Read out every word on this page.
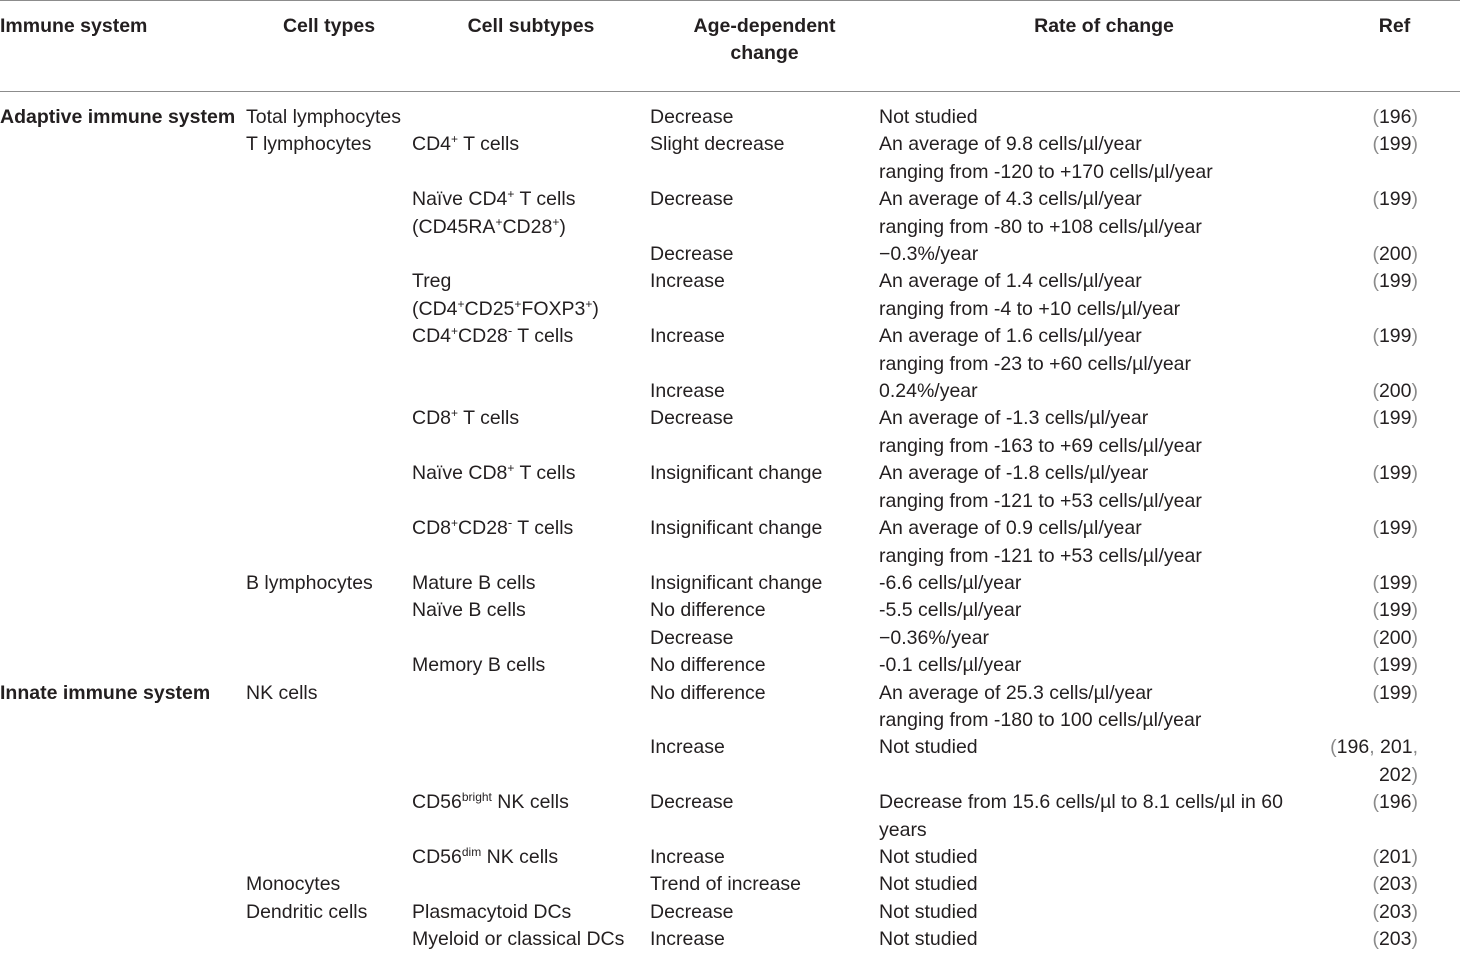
Immune system	Cell types	Cell subtypes	Age-dependent
change	Rate of change	Ref
Adaptive immune system	Total lymphocytes		Decrease	Not studied	(196)
	T lymphocytes	CD4+ T cells	Slight decrease	An average of 9.8 cells/µl/year
ranging from -120 to +170 cells/µl/year	(199)
		Naïve CD4+ T cells
(CD45RA+CD28+)	Decrease	An average of 4.3 cells/µl/year
ranging from -80 to +108 cells/µl/year	(199)
			Decrease	−0.3%/year	(200)
		Treg
(CD4+CD25+FOXP3+)	Increase	An average of 1.4 cells/µl/year
ranging from -4 to +10 cells/µl/year	(199)
		CD4+CD28- T cells	Increase	An average of 1.6 cells/µl/year
ranging from -23 to +60 cells/µl/year	(199)
			Increase	0.24%/year	(200)
		CD8+ T cells	Decrease	An average of -1.3 cells/µl/year
ranging from -163 to +69 cells/µl/year	(199)
		Naïve CD8+ T cells	Insignificant change	An average of -1.8 cells/µl/year
ranging from -121 to +53 cells/µl/year	(199)
		CD8+CD28- T cells	Insignificant change	An average of 0.9 cells/µl/year
ranging from -121 to +53 cells/µl/year	(199)
	B lymphocytes	Mature B cells	Insignificant change	-6.6 cells/µl/year	(199)
		Naïve B cells	No difference	-5.5 cells/µl/year	(199)
			Decrease	−0.36%/year	(200)
		Memory B cells	No difference	-0.1 cells/µl/year	(199)
Innate immune system	NK cells		No difference	An average of 25.3 cells/µl/year
ranging from -180 to 100 cells/µl/year	(199)
			Increase	Not studied	(196, 201,
202)
		$CD56^{bright}$ NK cells	Decrease	Decrease from 15.6 cells/µl to 8.1 cells/µl in 60
years	(196)
		$CD56^{dim}$ NK cells	Increase	Not studied	(201)
	Monocytes		Trend of increase	Not studied	(203)
	Dendritic cells	Plasmacytoid DCs	Decrease	Not studied	(203)
		Myeloid or classical DCs	Increase	Not studied	(203)
